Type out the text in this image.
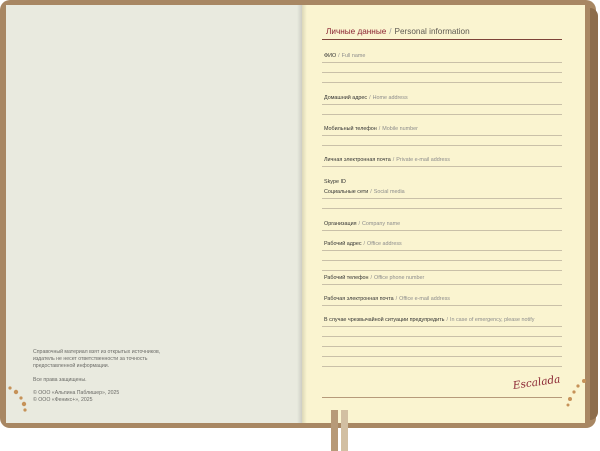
Справочный материал взят из открытых источников,
издатель не несет ответственности за точность
предоставленной информации.
Все права защищены.
© ООО «Альпина Паблишер», 2025
© ООО «Феникс+», 2025
Личные данные / Personal information
ФИО / Full name
Домашний адрес / Home address
Мобильный телефон / Mobile number
Личная электронная почта / Private e-mail address
Skype ID
Социальные сети / Social media
Организация / Company name
Рабочий адрес / Office address
Рабочий телефон / Office phone number
Рабочая электронная почта / Office e-mail address
В случае чрезвычайной ситуации предупредить / In case of emergency, please notify
Escalada
